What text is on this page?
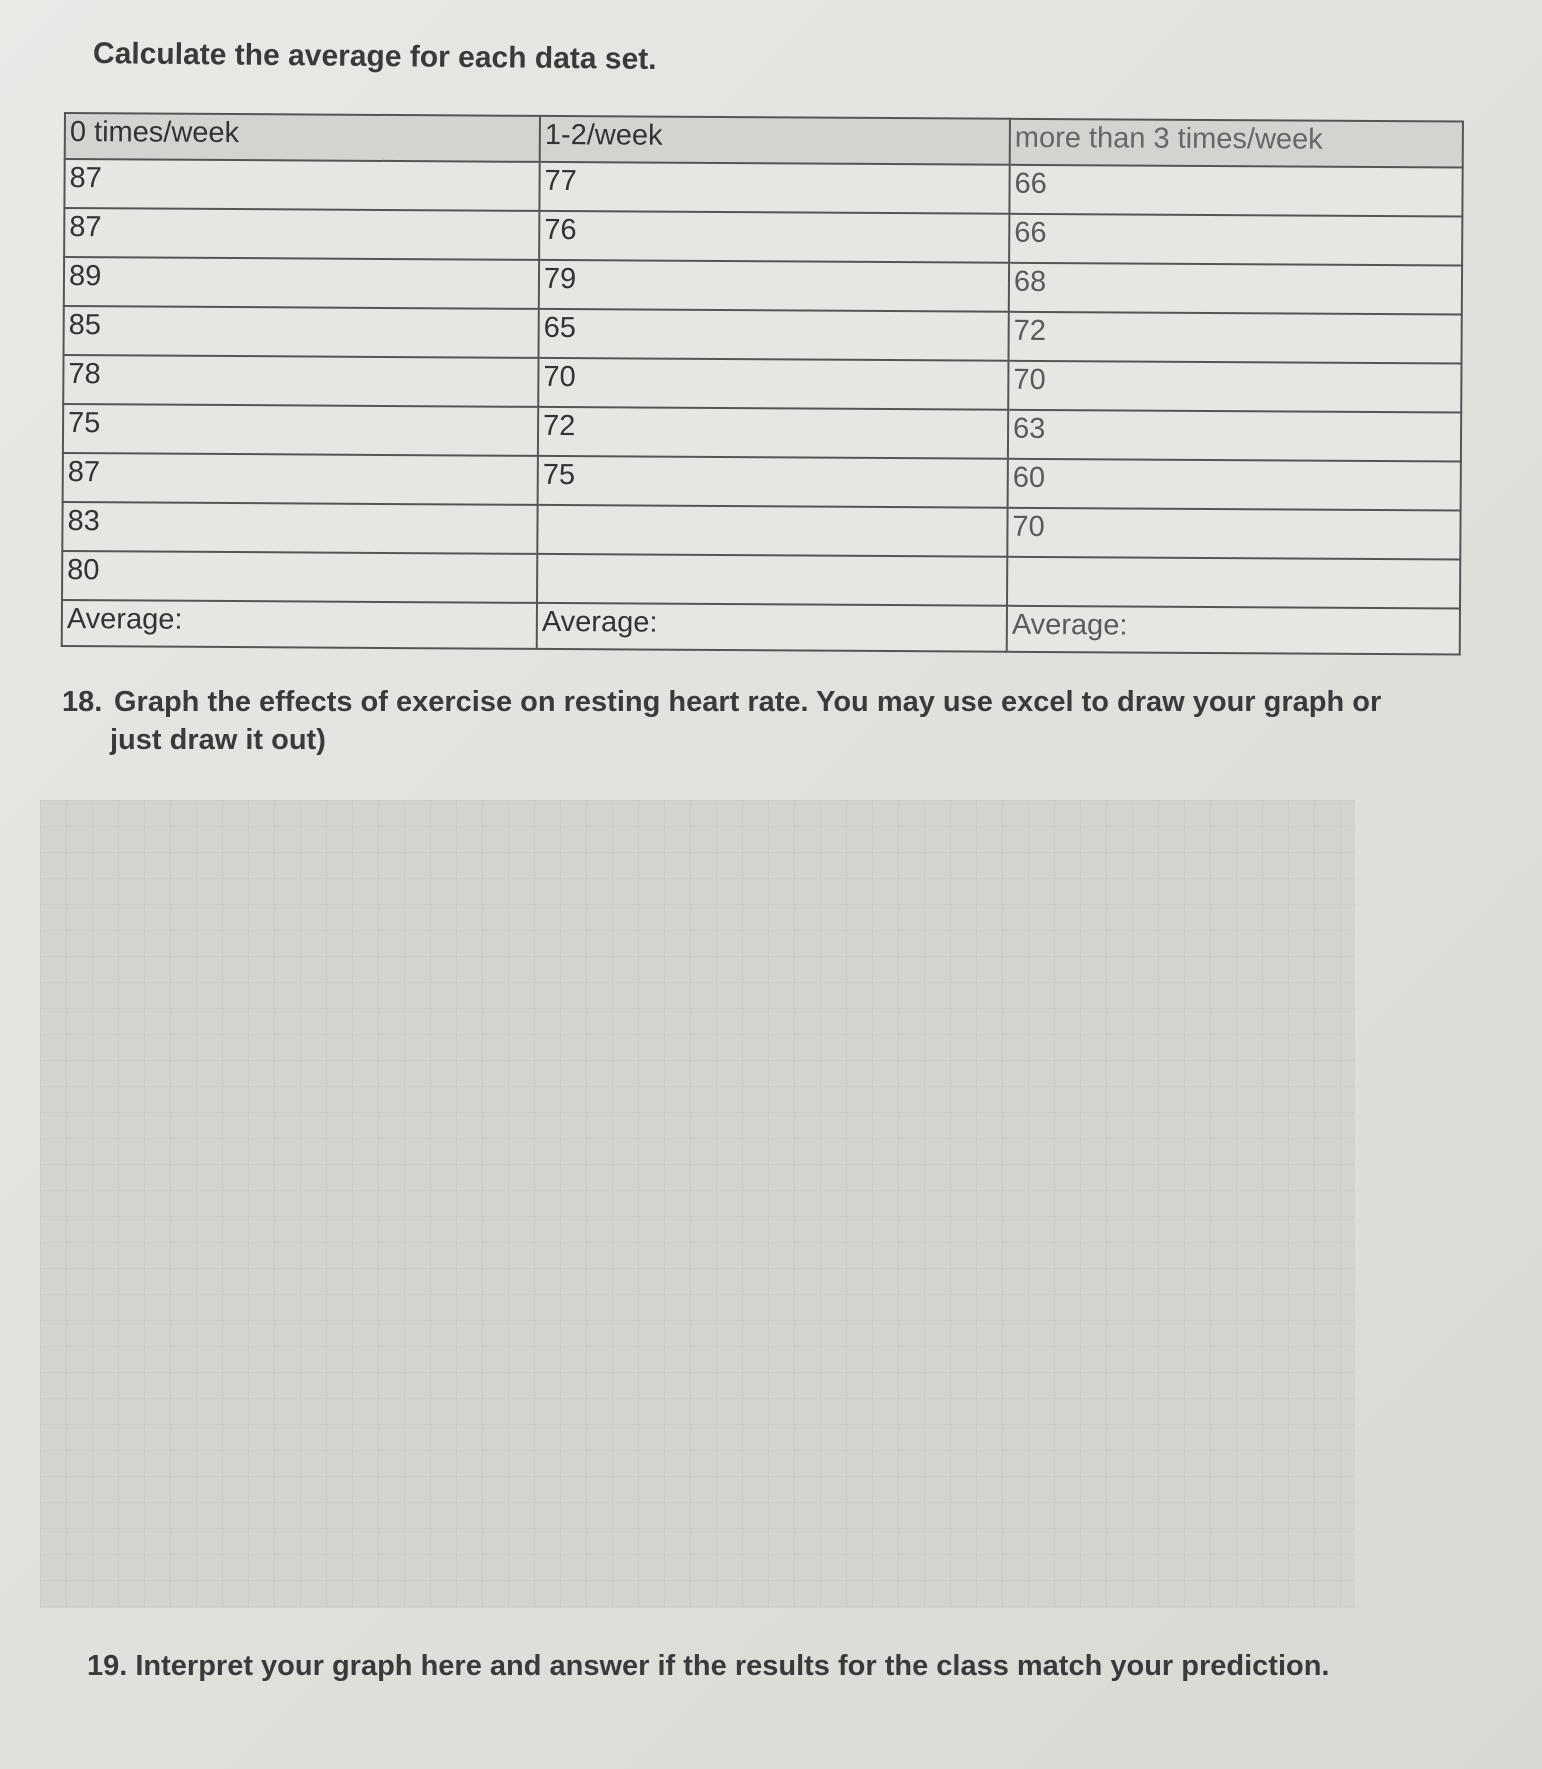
Calculate the average for each data set.
0 times/week	1-2/week	more than 3 times/week
87	77	66
87	76	66
89	79	68
85	65	72
78	70	70
75	72	63
87	75	60
83		70
80		
Average:	Average:	Average:
18. Graph the effects of exercise on resting heart rate. You may use excel to draw your graph or
just draw it out)
19. Interpret your graph here and answer if the results for the class match your prediction.
